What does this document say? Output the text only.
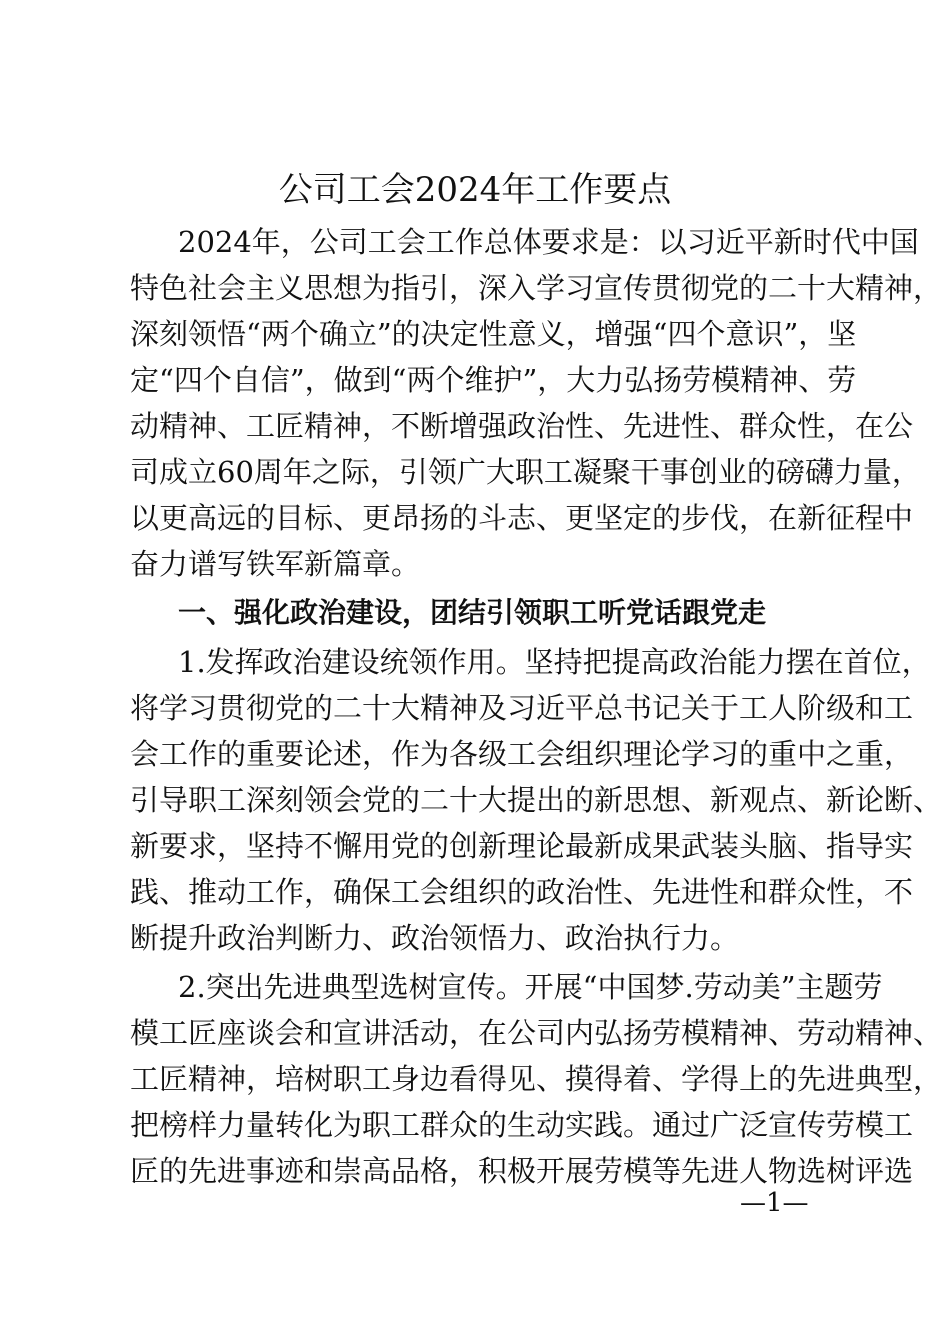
公司工会2024年工作要点
2024年，公司工会工作总体要求是：以习近平新时代中国
特色社会主义思想为指引，深入学习宣传贯彻党的二十大精神，
深刻领悟“两个确立”的决定性意义，增强“四个意识”，坚
定“四个自信”，做到“两个维护”，大力弘扬劳模精神、劳
动精神、工匠精神，不断增强政治性、先进性、群众性，在公
司成立60周年之际，引领广大职工凝聚干事创业的磅礴力量，
以更高远的目标、更昂扬的斗志、更坚定的步伐，在新征程中
奋力谱写铁军新篇章。
一、强化政治建设，团结引领职工听党话跟党走
1.发挥政治建设统领作用。坚持把提高政治能力摆在首位，
将学习贯彻党的二十大精神及习近平总书记关于工人阶级和工
会工作的重要论述，作为各级工会组织理论学习的重中之重，
引导职工深刻领会党的二十大提出的新思想、新观点、新论断、
新要求，坚持不懈用党的创新理论最新成果武装头脑、指导实
践、推动工作，确保工会组织的政治性、先进性和群众性，不
断提升政治判断力、政治领悟力、政治执行力。
2.突出先进典型选树宣传。开展“中国梦.劳动美”主题劳
模工匠座谈会和宣讲活动，在公司内弘扬劳模精神、劳动精神、
工匠精神，培树职工身边看得见、摸得着、学得上的先进典型，
把榜样力量转化为职工群众的生动实践。通过广泛宣传劳模工
匠的先进事迹和崇高品格，积极开展劳模等先进人物选树评选
—1—
